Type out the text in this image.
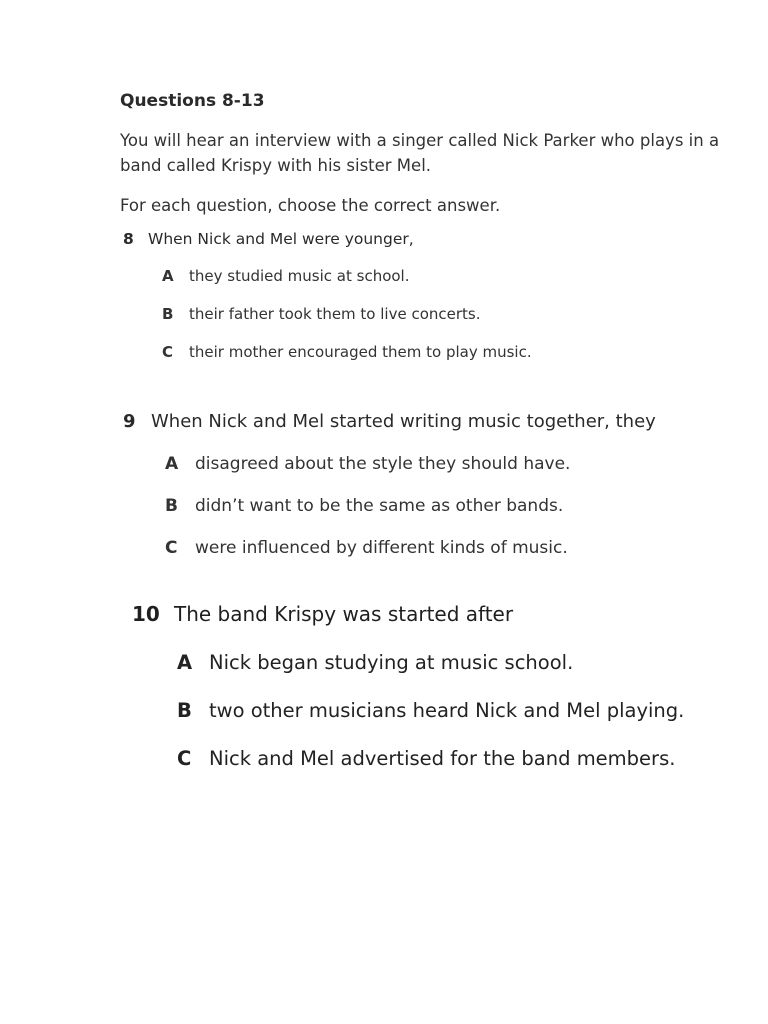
Questions 8-13
You will hear an interview with a singer called Nick Parker who plays in a band called Krispy with his sister Mel.
For each question, choose the correct answer.
8 When Nick and Mel were younger,
A they studied music at school.
B their father took them to live concerts.
C their mother encouraged them to play music.
9 When Nick and Mel started writing music together, they
A disagreed about the style they should have.
B didn’t want to be the same as other bands.
C were influenced by different kinds of music.
10 The band Krispy was started after
A Nick began studying at music school.
B two other musicians heard Nick and Mel playing.
C Nick and Mel advertised for the band members.
